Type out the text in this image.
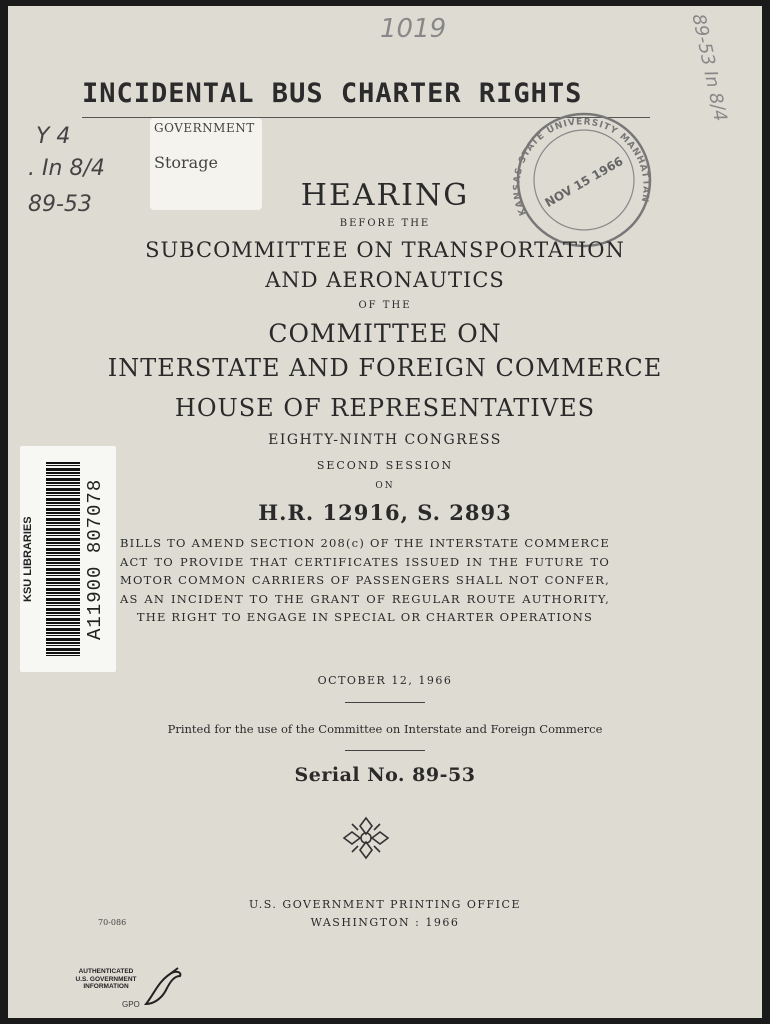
1019	89-53 In 8/4
Y 4
. In 8/4
89-53
INCIDENTAL BUS CHARTER RIGHTS
GOVERNMENT
Storage
KANSAS STATE UNIVERSITY MANHATTAN
NOV 15 1966
HEARING
BEFORE THE
SUBCOMMITTEE ON TRANSPORTATION
AND AERONAUTICS
OF THE
COMMITTEE ON
INTERSTATE AND FOREIGN COMMERCE
HOUSE OF REPRESENTATIVES
EIGHTY-NINTH CONGRESS
SECOND SESSION
ON
H.R. 12916, S. 2893
BILLS TO AMEND SECTION 208(c) OF THE INTERSTATE COMMERCE ACT TO PROVIDE THAT CERTIFICATES ISSUED IN THE FUTURE TO MOTOR COMMON CARRIERS OF PASSENGERS SHALL NOT CONFER, AS AN INCIDENT TO THE GRANT OF REGULAR ROUTE AUTHORITY, THE RIGHT TO ENGAGE IN SPECIAL OR CHARTER OPERATIONS
OCTOBER 12, 1966
Printed for the use of the Committee on Interstate and Foreign Commerce
Serial No. 89-53
U.S. GOVERNMENT PRINTING OFFICE
WASHINGTON : 1966
70-086
KSU LIBRARIES	A11900 807078
AUTHENTICATED
U.S. GOVERNMENT
INFORMATION
GPO
